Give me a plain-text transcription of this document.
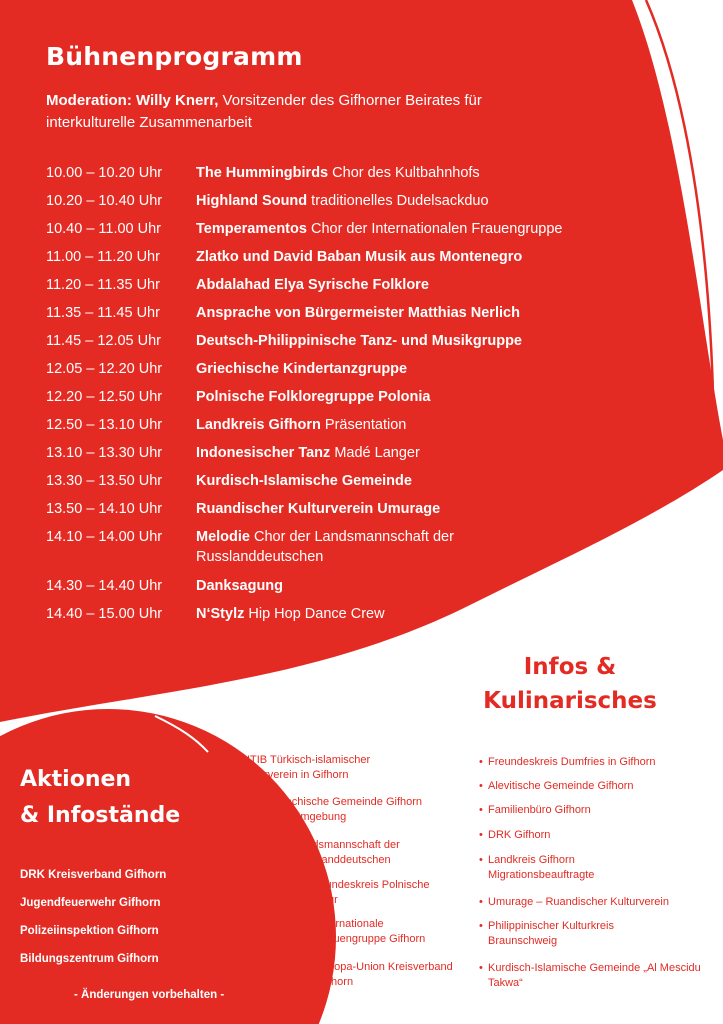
Bühnenprogramm
Moderation: Willy Knerr, Vorsitzender des Gifhorner Beirates für
interkulturelle Zusammenarbeit
10.00 – 10.20 Uhr	The Hummingbirds Chor des Kultbahnhofs
10.20 – 10.40 Uhr	Highland Sound traditionelles Dudelsackduo
10.40 – 11.00 Uhr	Temperamentos Chor der Internationalen Frauengruppe
11.00 – 11.20 Uhr	Zlatko und David Baban Musik aus Montenegro
11.20 – 11.35 Uhr	Abdalahad Elya Syrische Folklore
11.35 – 11.45 Uhr	Ansprache von Bürgermeister Matthias Nerlich
11.45 – 12.05 Uhr	Deutsch-Philippinische Tanz- und Musikgruppe
12.05 – 12.20 Uhr	Griechische Kindertanzgruppe
12.20 – 12.50 Uhr	Polnische Folkloregruppe Polonia
12.50 – 13.10 Uhr	Landkreis Gifhorn Präsentation
13.10 – 13.30 Uhr	Indonesischer Tanz Madé Langer
13.30 – 13.50 Uhr	Kurdisch-Islamische Gemeinde
13.50 – 14.10 Uhr	Ruandischer Kulturverein Umurage
14.10 – 14.00 Uhr	Melodie Chor der Landsmannschaft der Russlanddeutschen
14.30 – 14.40 Uhr	Danksagung
14.40 – 15.00 Uhr	N‘Stylz Hip Hop Dance Crew
Infos &
Kulinarisches
Aktionen
& Infostände
DRK Kreisverband Gifhorn
Jugendfeuerwehr Gifhorn
Polizeiinspektion Gifhorn
Bildungszentrum Gifhorn
- Änderungen vorbehalten -
• DITIB Türkisch-islamischer Kulturverein in Gifhorn
• Griechische Gemeinde Gifhorn und Umgebung
• Landsmannschaft der Russlanddeutschen
• Freundeskreis Polnische Kultur
• Internationale Frauengruppe Gifhorn
• Europa-Union Kreisverband Gifhorn
• Freundeskreis Dumfries in Gifhorn
• Alevitische Gemeinde Gifhorn
• Familienbüro Gifhorn
• DRK Gifhorn
• Landkreis Gifhorn Migrationsbeauftragte
• Umurage – Ruandischer Kulturverein
• Philippinischer Kulturkreis Braunschweig
• Kurdisch-Islamische Gemeinde „Al Mescidu Takwa“
